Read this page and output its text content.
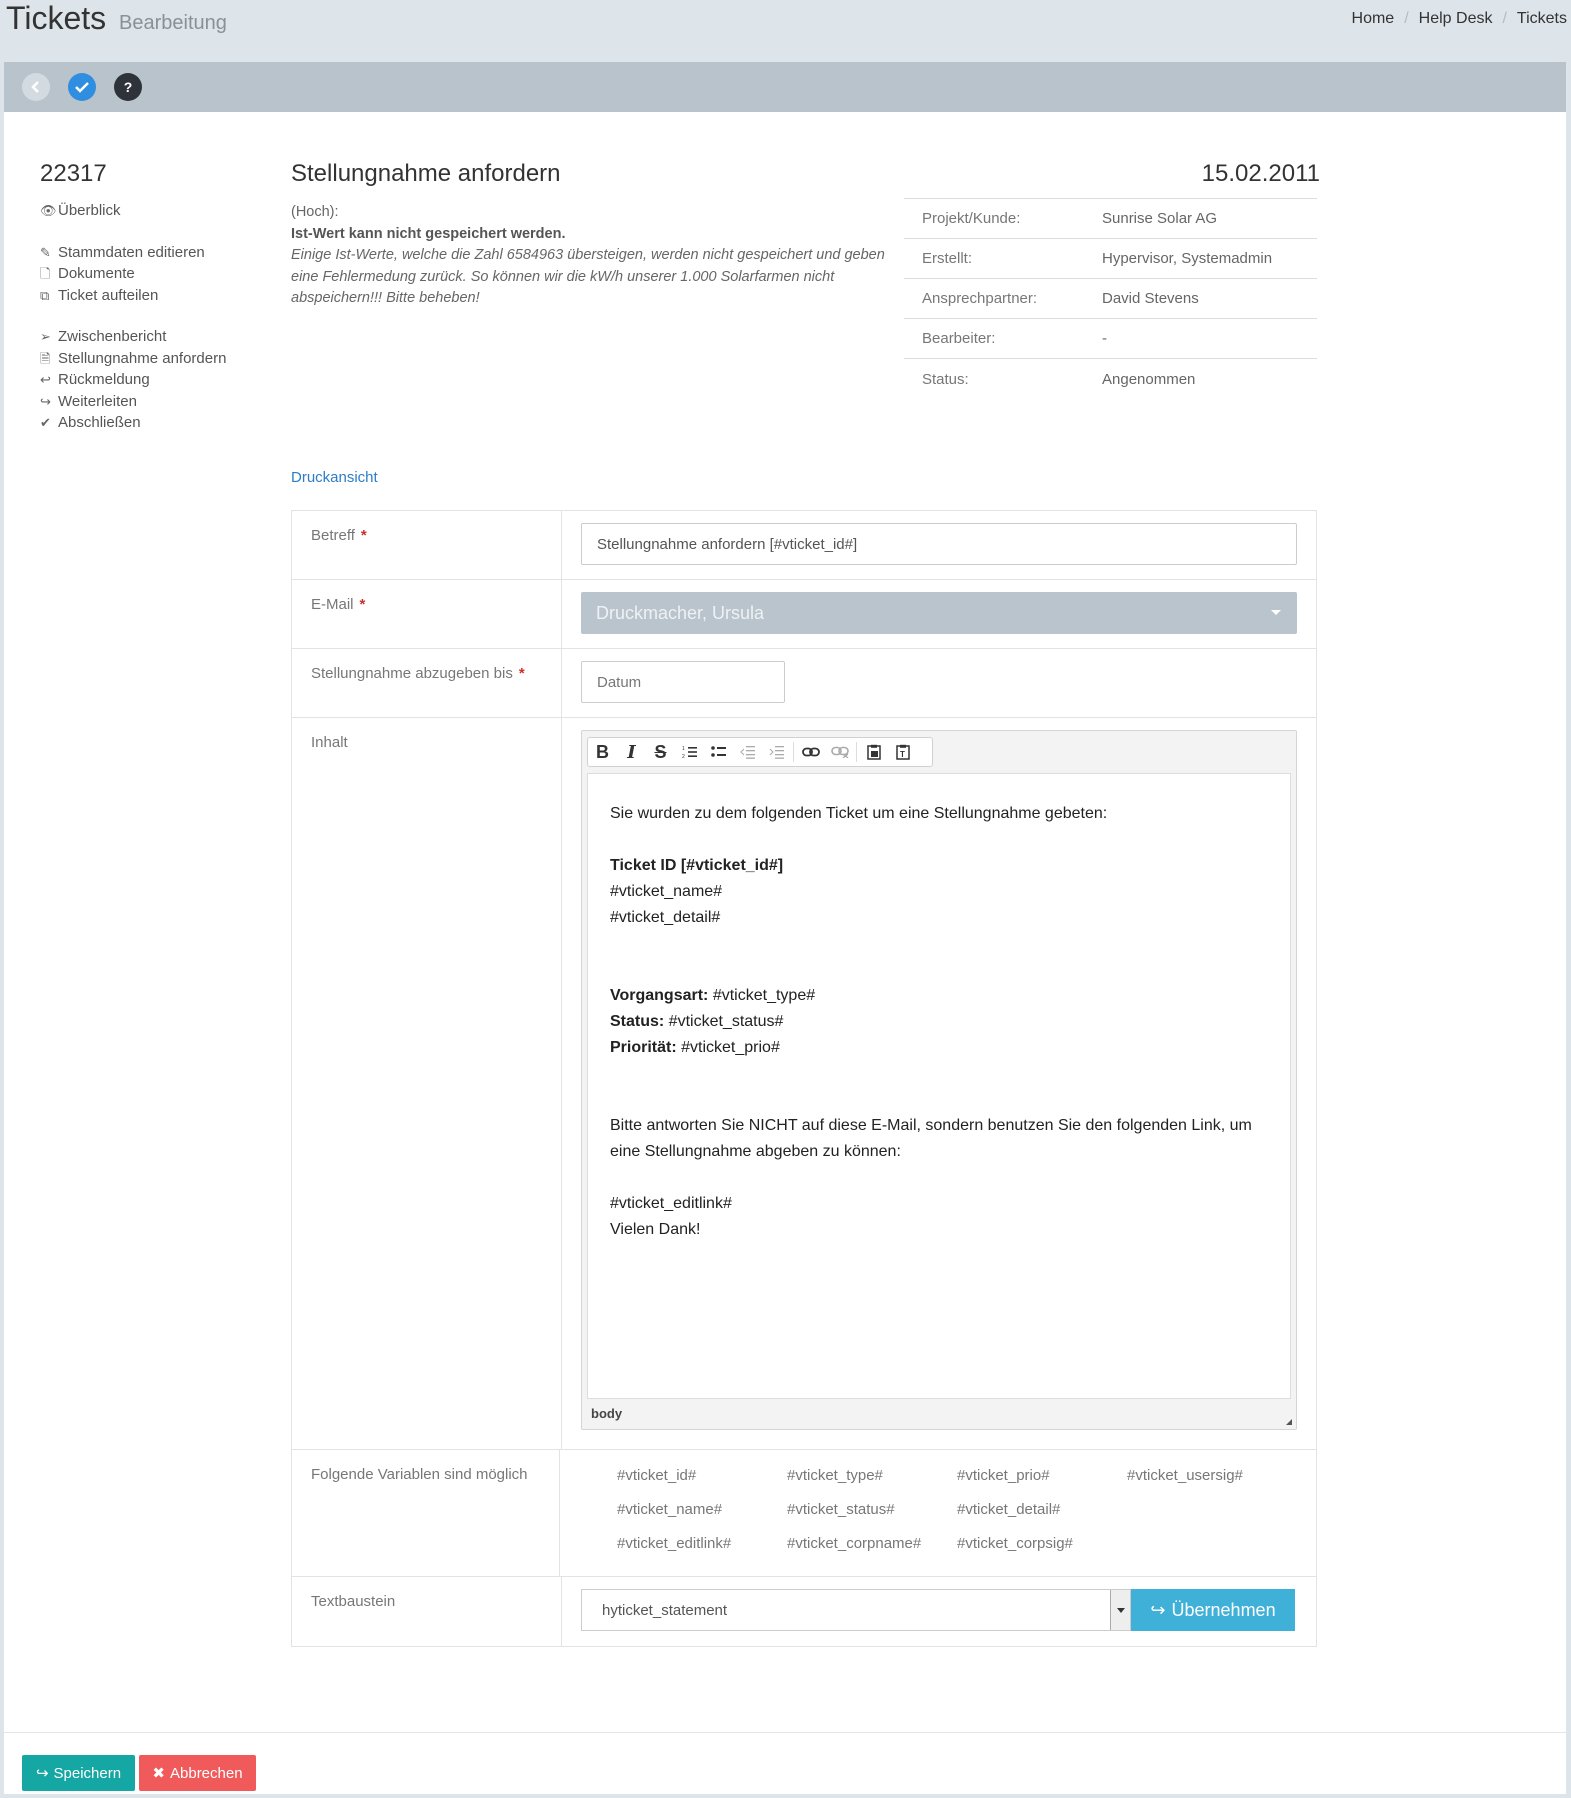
Tickets Bearbeitung	Home / Help Desk / Tickets
?
22317
👁Überblick
✎ Stammdaten editieren
🗋 Dokumente
⧉ Ticket aufteilen
➢ Zwischenbericht
🗎 Stellungnahme anfordern
↩ Rückmeldung
↪ Weiterleiten
✔ Abschließen
Stellungnahme anfordern	15.02.2011
(Hoch):
Ist-Wert kann nicht gespeichert werden.
Einige Ist-Werte, welche die Zahl 6584963 übersteigen, werden nicht gespeichert und geben eine Fehlermedung zurück. So können wir die kW/h unserer 1.000 Solarfarmen nicht abspeichern!!! Bitte beheben!
Projekt/Kunde:	Sunrise Solar AG
Erstellt:	Hypervisor, Systemadmin
Ansprechpartner:	David Stevens
Bearbeiter:	-
Status:	Angenommen
Druckansicht
Betreff *	Stellungnahme anfordern [#vticket_id#]
E-Mail *	Druckmacher, Ursula
Stellungnahme abzugeben bis *	Datum
Inhalt	B	I	S	1
2	T

Sie wurden zu dem folgenden Ticket um eine Stellungnahme gebeten:

Ticket ID [#vticket_id#]

#vticket_name#

#vticket_detail#

Vorgangsart: #vticket_type#

Status: #vticket_status#

Priorität: #vticket_prio#

Bitte antworten Sie NICHT auf diese E-Mail, sondern benutzen Sie den folgenden Link, um eine Stellungnahme abgeben zu können:

#vticket_editlink#

Vielen Dank!

body
Folgende Variablen sind möglich	#vticket_id#	#vticket_type#	#vticket_prio#	#vticket_usersig#
#vticket_name#	#vticket_status#	#vticket_detail#
#vticket_editlink#	#vticket_corpname#	#vticket_corpsig#
Textbaustein	hyticket_statement	↪ Übernehmen
↪ Speichern ✖ Abbrechen
